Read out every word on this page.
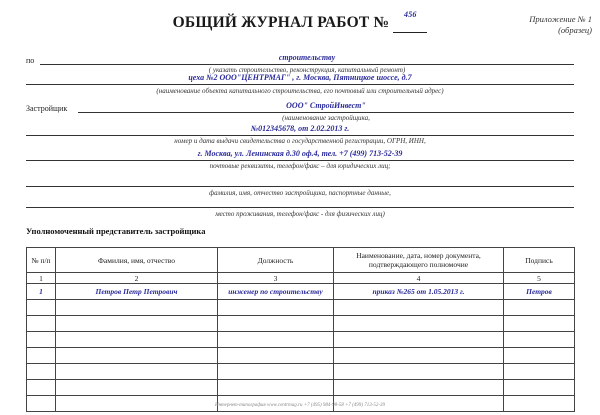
ОБЩИЙ ЖУРНАЛ РАБОТ №	456
	Приложение № 1
(образец)
по	строительству
( указать строительство, реконструкция, капитальный ремонт)
цеха №2 ООО"ЦЕНТРМАГ" , г. Москва, Пятницкое шоссе, д.7
(наименование объекта капитального строительства, его почтовый или строительный адрес)
Застройщик	ООО" СтройИнвест"
(наименование застройщика,
№012345678, от 2.02.2013 г.
номер и дата выдачи свидетельства о государственной регистрации, ОГРН, ИНН,
г. Москва, ул. Ленинская д.30 оф.4, тел. +7 (499) 713-52-39
почтовые реквизиты, телефон/факс – для юридических лиц;
фамилия, имя, отчество застройщика, паспортные данные,
место проживания, телефон/факс - для физических лиц)
Уполномоченный представитель застройщика
№ п/п	Фамилия, имя, отчество	Должность	Наименование, дата, номер документа, подтверждающего полномочие	Подпись
1	2	3	4	5
1	Петров Петр Петрович	инженер по строительству	приказ №265 от 1.05.2013 г.	Петров

Интернет-типография www.centrmag.ru +7 (495) 984-98-58 +7 (499) 713-52-39
